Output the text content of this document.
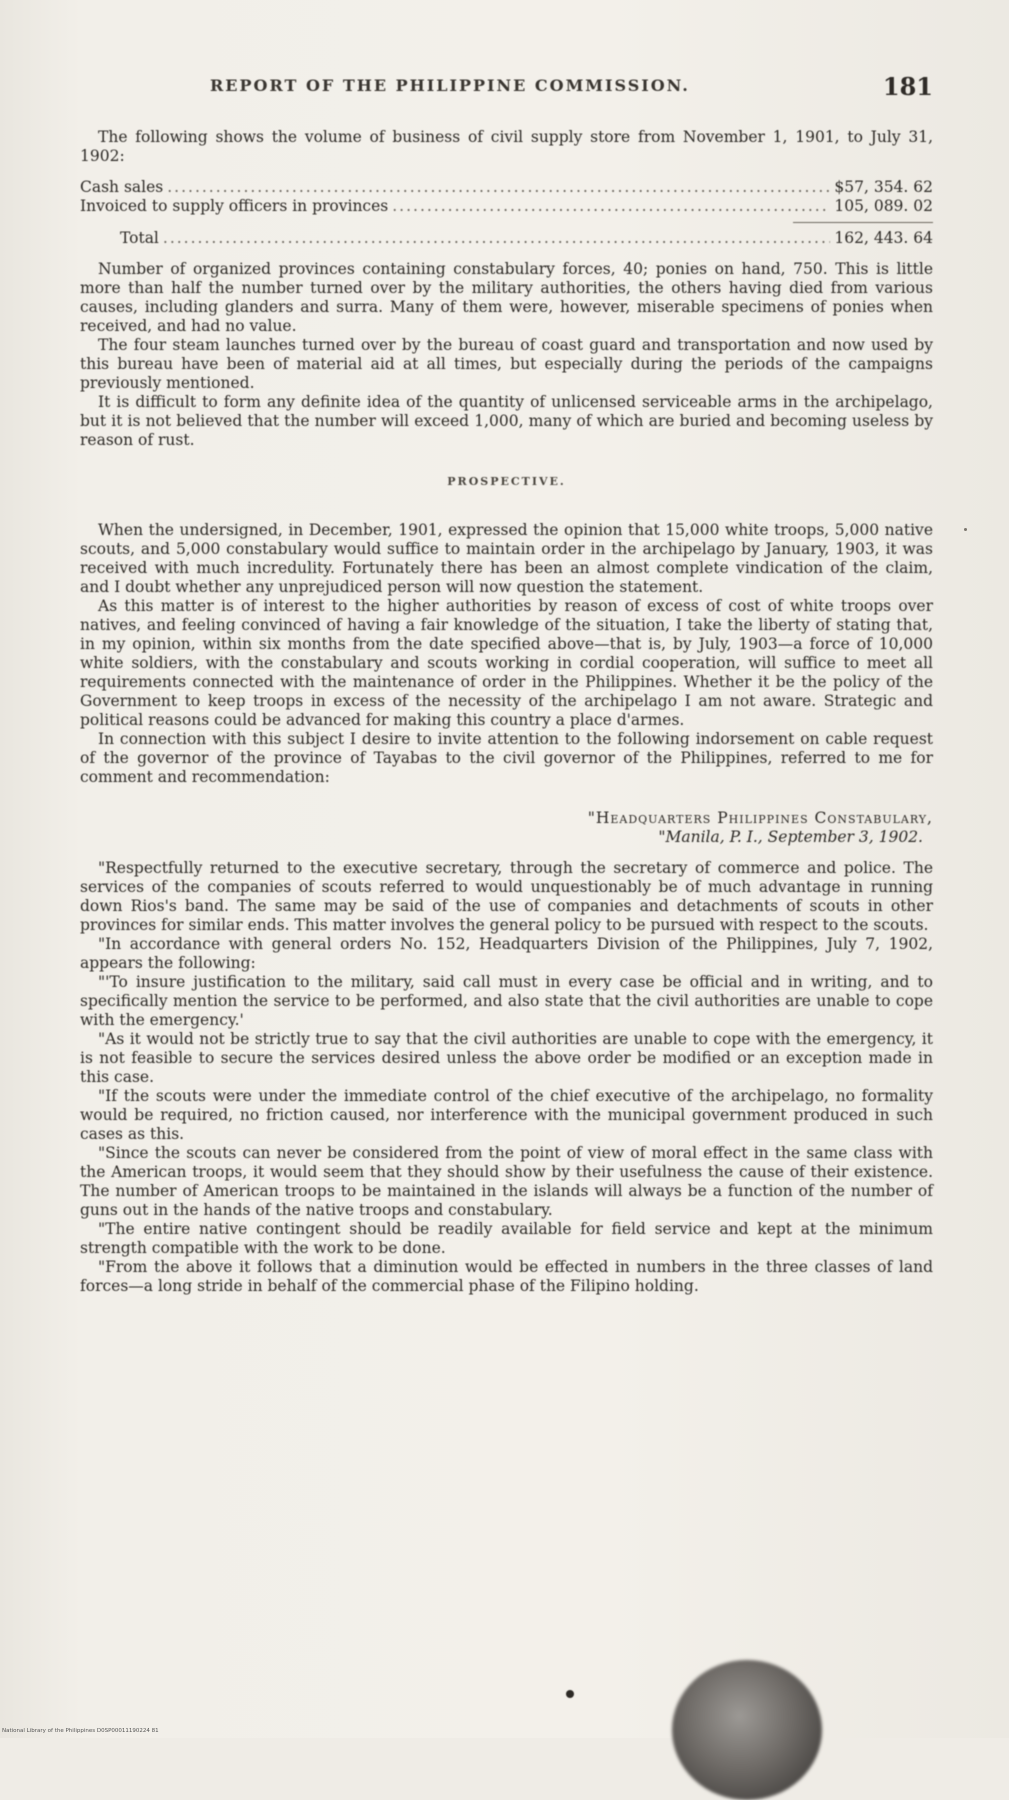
REPORT OF THE PHILIPPINE COMMISSION.	181

The following shows the volume of business of civil supply store from November 1, 1901, to July 31, 1902:

Cash sales .....	$57, 354. 62
Invoiced to supply officers in provinces .....	105, 089. 02
Total .....	162, 443. 64

Number of organized provinces containing constabulary forces, 40; ponies on hand, 750. This is little more than half the number turned over by the military authorities, the others having died from various causes, including glanders and surra. Many of them were, however, miserable specimens of ponies when received, and had no value.

The four steam launches turned over by the bureau of coast guard and transportation and now used by this bureau have been of material aid at all times, but especially during the periods of the campaigns previously mentioned.

It is difficult to form any definite idea of the quantity of unlicensed serviceable arms in the archipelago, but it is not believed that the number will exceed 1,000, many of which are buried and becoming useless by reason of rust.

PROSPECTIVE.

When the undersigned, in December, 1901, expressed the opinion that 15,000 white troops, 5,000 native scouts, and 5,000 constabulary would suffice to maintain order in the archipelago by January, 1903, it was received with much incredulity. Fortunately there has been an almost complete vindication of the claim, and I doubt whether any unprejudiced person will now question the statement.

As this matter is of interest to the higher authorities by reason of excess of cost of white troops over natives, and feeling convinced of having a fair knowledge of the situation, I take the liberty of stating that, in my opinion, within six months from the date specified above—that is, by July, 1903—a force of 10,000 white soldiers, with the constabulary and scouts working in cordial cooperation, will suffice to meet all requirements connected with the maintenance of order in the Philippines. Whether it be the policy of the Government to keep troops in excess of the necessity of the archipelago I am not aware. Strategic and political reasons could be advanced for making this country a place d'armes.

In connection with this subject I desire to invite attention to the following indorsement on cable request of the governor of the province of Tayabas to the civil governor of the Philippines, referred to me for comment and recommendation:

"Headquarters Philippines Constabulary,
"Manila, P. I., September 3, 1902.

"Respectfully returned to the executive secretary, through the secretary of commerce and police. The services of the companies of scouts referred to would unquestionably be of much advantage in running down Rios's band. The same may be said of the use of companies and detachments of scouts in other provinces for similar ends. This matter involves the general policy to be pursued with respect to the scouts.

"In accordance with general orders No. 152, Headquarters Division of the Philippines, July 7, 1902, appears the following:

"'To insure justification to the military, said call must in every case be official and in writing, and to specifically mention the service to be performed, and also state that the civil authorities are unable to cope with the emergency.'

"As it would not be strictly true to say that the civil authorities are unable to cope with the emergency, it is not feasible to secure the services desired unless the above order be modified or an exception made in this case.

"If the scouts were under the immediate control of the chief executive of the archipelago, no formality would be required, no friction caused, nor interference with the municipal government produced in such cases as this.

"Since the scouts can never be considered from the point of view of moral effect in the same class with the American troops, it would seem that they should show by their usefulness the cause of their existence. The number of American troops to be maintained in the islands will always be a function of the number of guns out in the hands of the native troops and constabulary.

"The entire native contingent should be readily available for field service and kept at the minimum strength compatible with the work to be done.

"From the above it follows that a diminution would be effected in numbers in the three classes of land forces—a long stride in behalf of the commercial phase of the Filipino holding.

National Library of the Philippines D0SP00011190224 81
